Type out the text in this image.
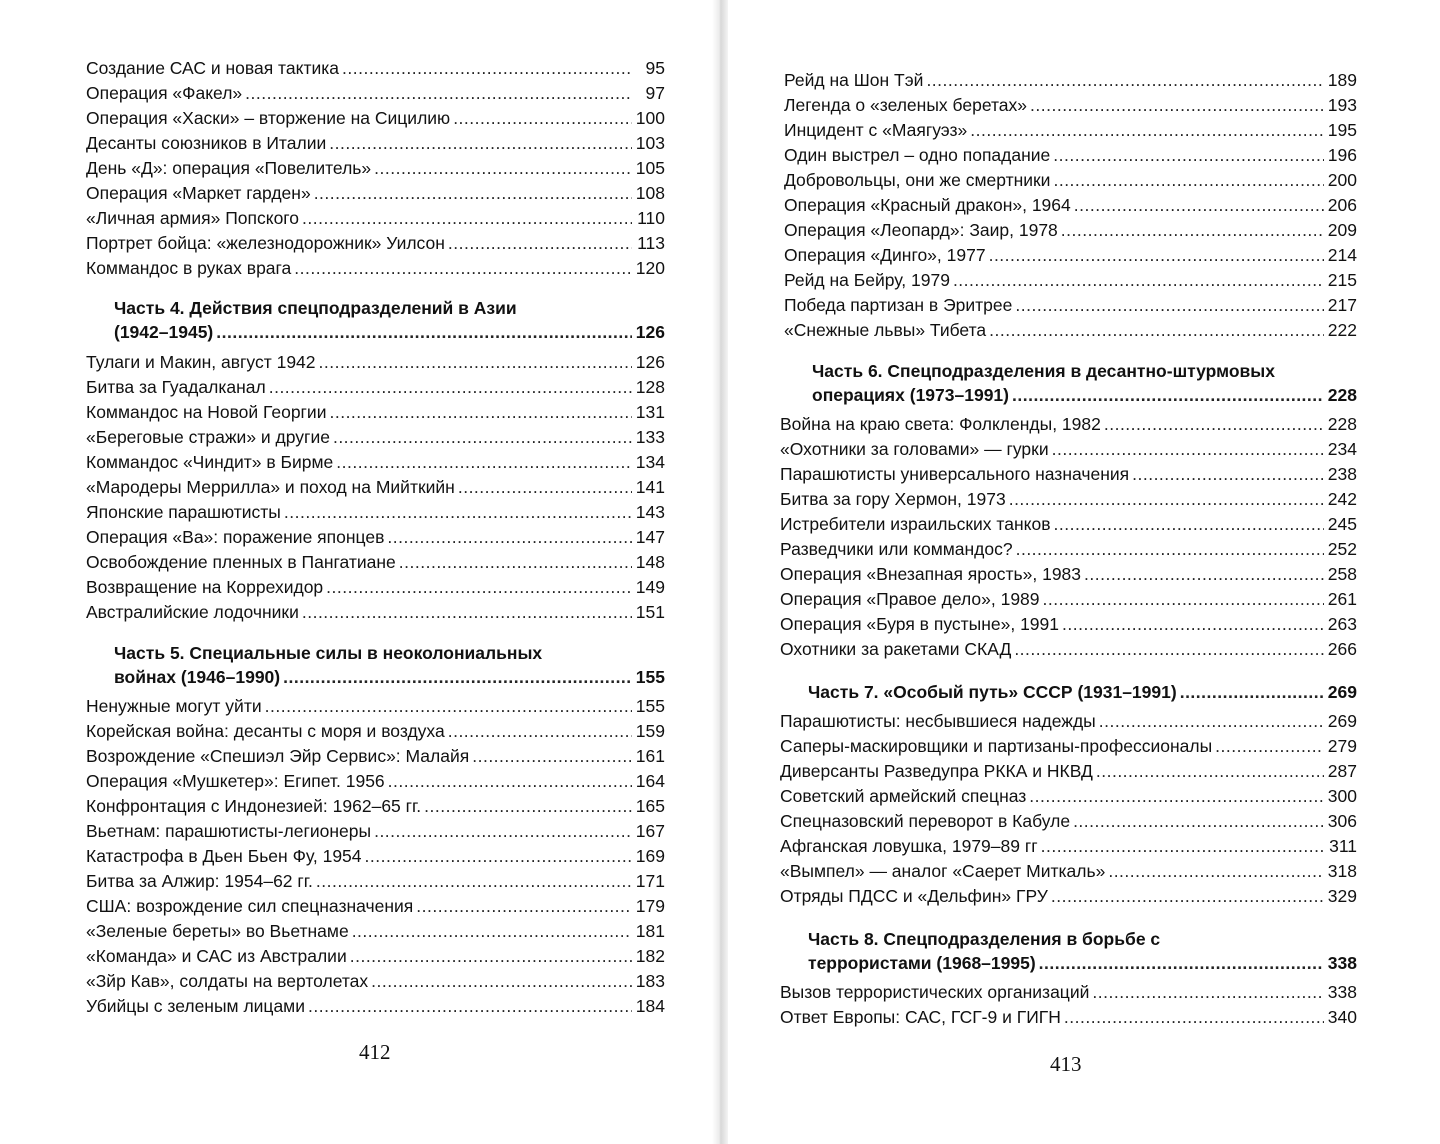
Создание САС и новая тактика .....	95
Операция «Факел» .....	97
Операция «Хаски» – вторжение на Сицилию .....	100
Десанты союзников в Италии .....	103
День «Д»: операция «Повелитель» .....	105
Операция «Маркет гарден» .....	108
«Личная армия» Попского .....	110
Портрет бойца: «железнодорожник» Уилсон .....	113
Коммандос в руках врага .....	120
Часть 4. Действия спецподразделений в Азии
(1942–1945) .....	126
Тулаги и Макин, август 1942 .....	126
Битва за Гуадалканал .....	128
Коммандос на Новой Георгии .....	131
«Береговые стражи» и другие .....	133
Коммандос «Чиндит» в Бирме .....	134
«Мародеры Меррилла» и поход на Мийткийн .....	141
Японские парашютисты .....	143
Операция «Ва»: поражение японцев .....	147
Освобождение пленных в Пангатиане .....	148
Возвращение на Коррехидор .....	149
Австралийские лодочники .....	151
Часть 5. Специальные силы в неоколониальных
войнах (1946–1990) .....	155
Ненужные могут уйти .....	155
Корейская война: десанты с моря и воздуха .....	159
Возрождение «Спешиэл Эйр Сервис»: Малайя .....	161
Операция «Мушкетер»: Египет. 1956 .....	164
Конфронтация с Индонезией: 1962–65 гг. .....	165
Вьетнам: парашютисты-легионеры .....	167
Катастрофа в Дьен Бьен Фу, 1954 .....	169
Битва за Алжир: 1954–62 гг. .....	171
США: возрождение сил спецназначения .....	179
«Зеленые береты» во Вьетнаме .....	181
«Команда» и САС из Австралии .....	182
«Зйр Кав», солдаты на вертолетах .....	183
Убийцы с зеленым лицами .....	184
412
Рейд на Шон Тэй .....	189
Легенда о «зеленых беретах» .....	193
Инцидент с «Маягуэз» .....	195
Один выстрел – одно попадание .....	196
Добровольцы, они же смертники .....	200
Операция «Красный дракон», 1964 .....	206
Операция «Леопард»: Заир, 1978 .....	209
Операция «Динго», 1977 .....	214
Рейд на Бейру, 1979 .....	215
Победа партизан в Эритрее .....	217
«Снежные львы» Тибета .....	222
Часть 6. Спецподразделения в десантно-штурмовых
операциях (1973–1991) .....	228
Война на краю света: Фолкленды, 1982 .....	228
«Охотники за головами» — гурки .....	234
Парашютисты универсального назначения .....	238
Битва за гору Хермон, 1973 .....	242
Истребители израильских танков .....	245
Разведчики или коммандос? .....	252
Операция «Внезапная ярость», 1983 .....	258
Операция «Правое дело», 1989 .....	261
Операция «Буря в пустыне», 1991 .....	263
Охотники за ракетами СКАД .....	266
Часть 7. «Особый путь» СССР (1931–1991) .....	269
Парашютисты: несбывшиеся надежды .....	269
Саперы-маскировщики и партизаны-профессионалы .....	279
Диверсанты Разведупра РККА и НКВД .....	287
Советский армейский спецназ .....	300
Спецназовский переворот в Кабуле .....	306
Афганская ловушка, 1979–89 гг .....	311
«Вымпел» — аналог «Саерет Миткаль» .....	318
Отряды ПДСС и «Дельфин» ГРУ .....	329
Часть 8. Спецподразделения в борьбе с
террористами (1968–1995) .....	338
Вызов террористических организаций .....	338
Ответ Европы: САС, ГСГ-9 и ГИГН .....	340
413
